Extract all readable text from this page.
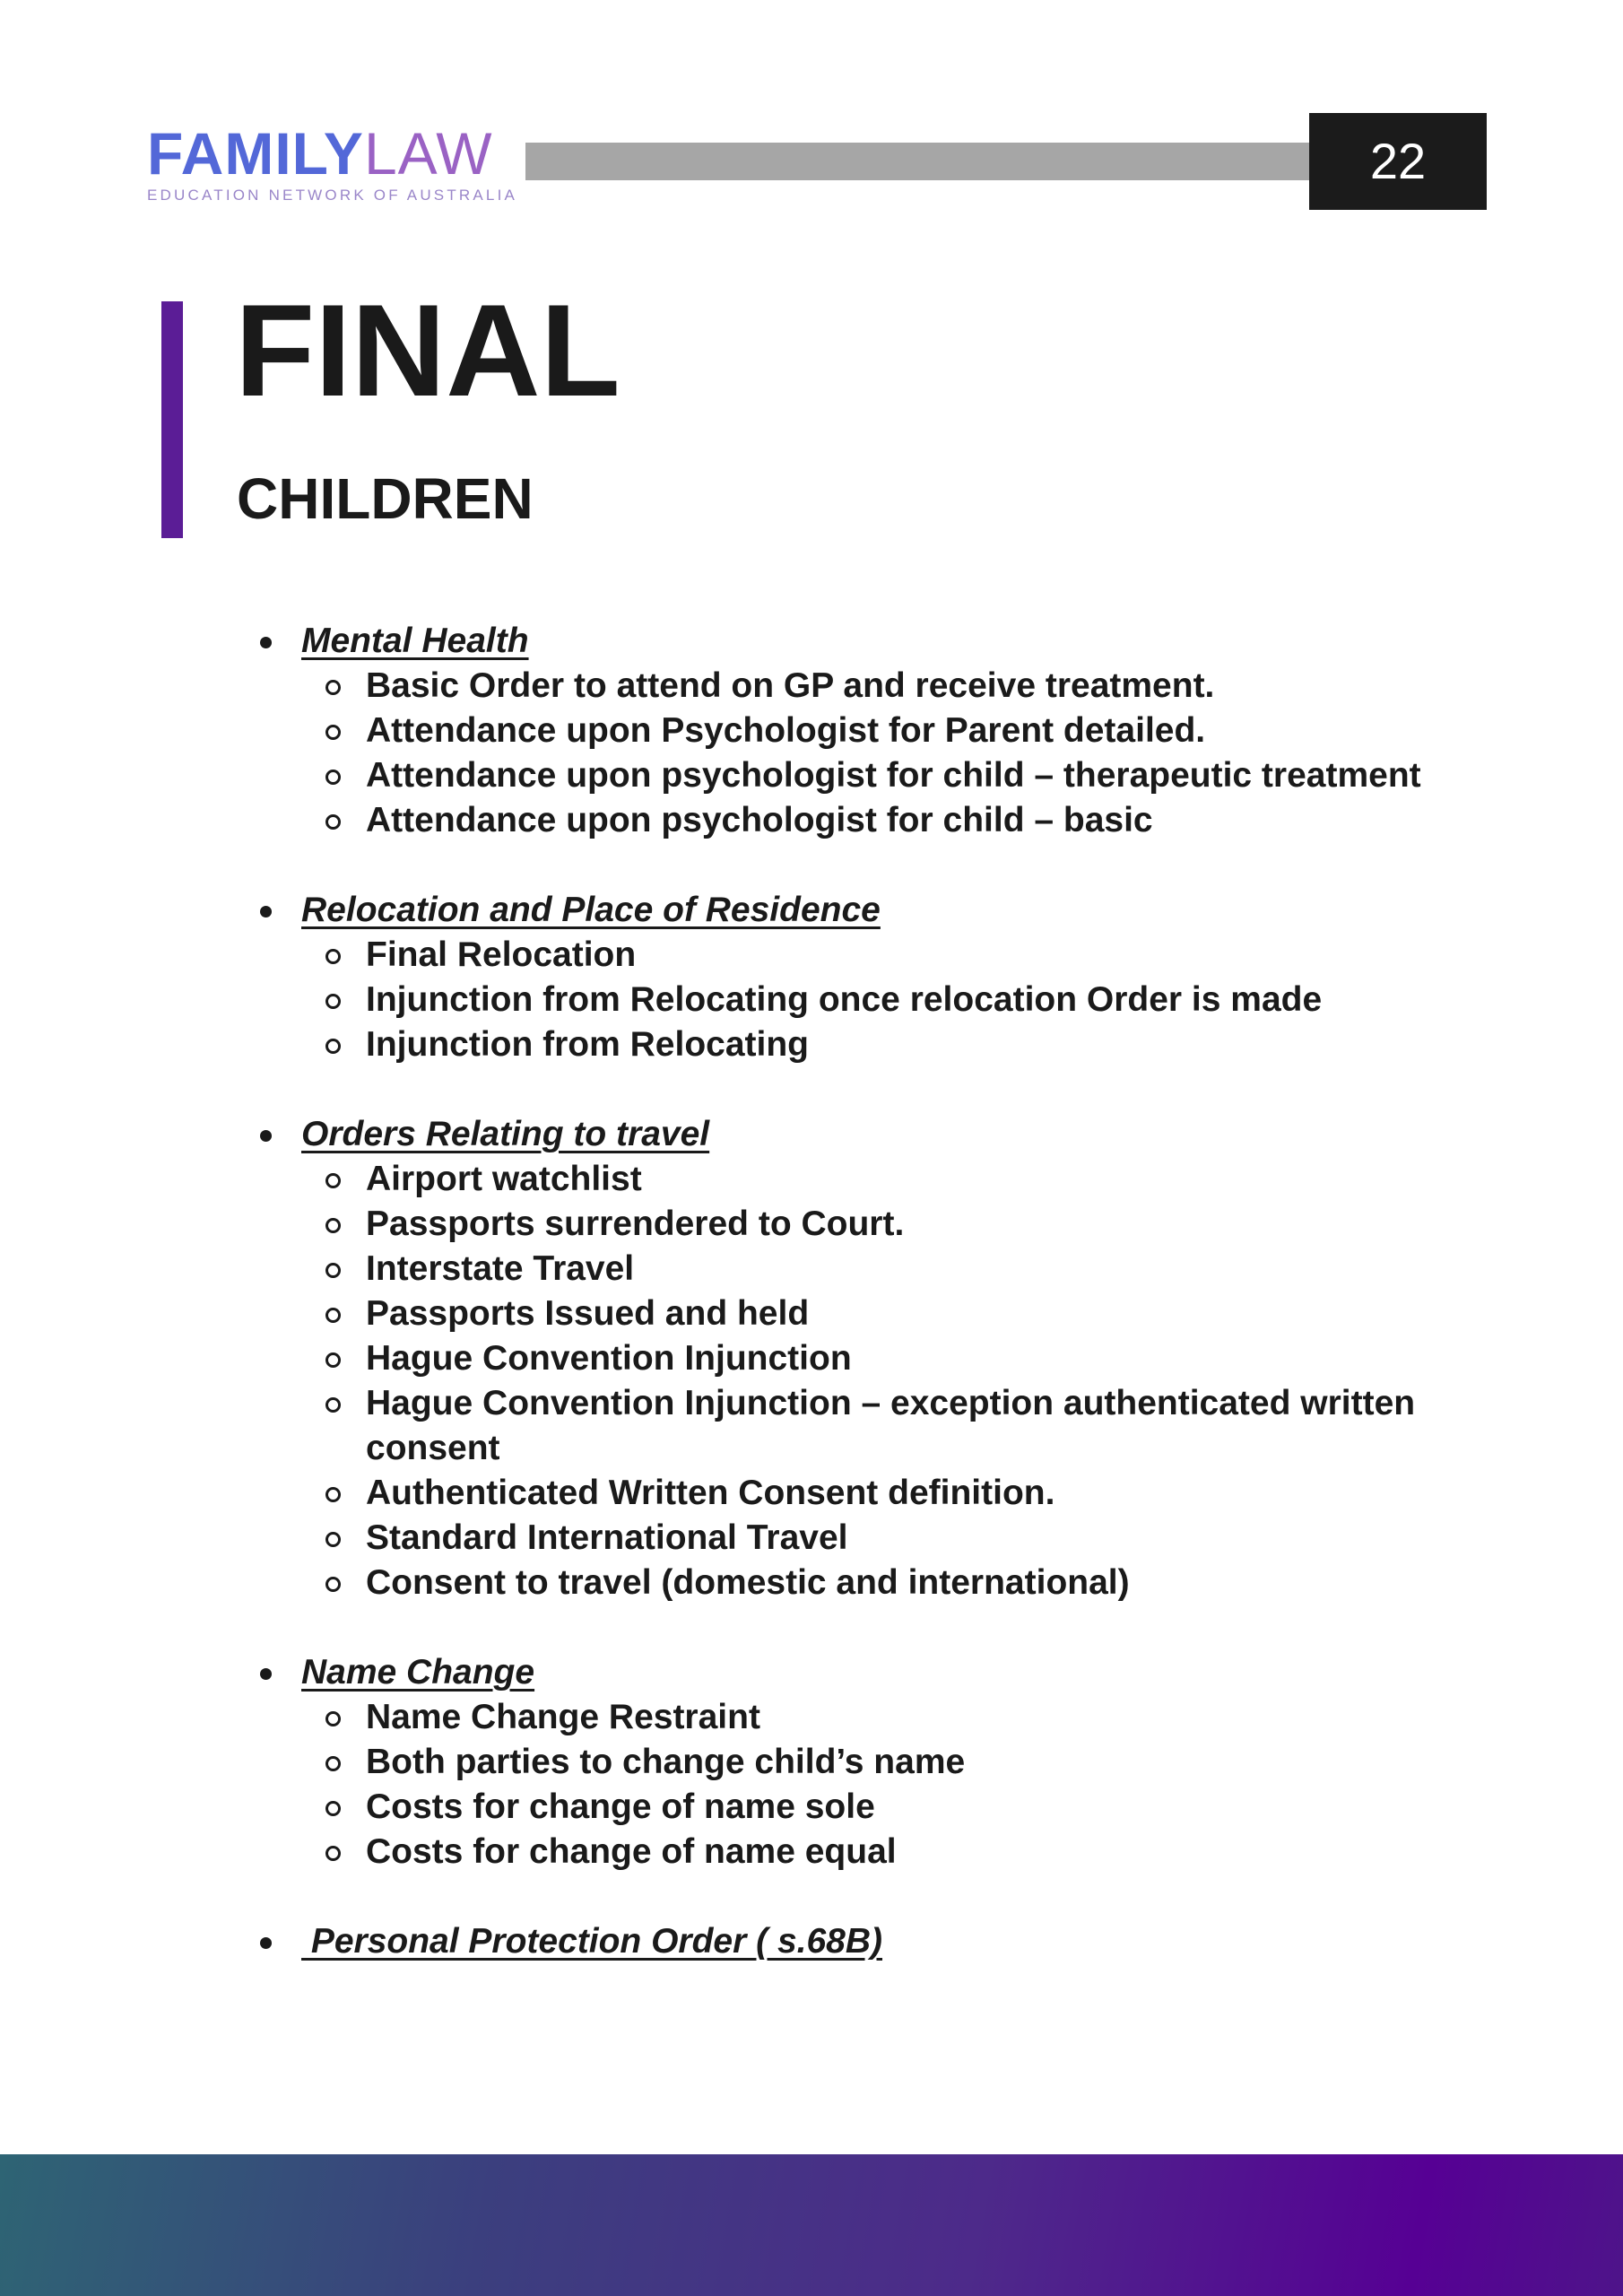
FAMILYLAW
EDUCATION NETWORK OF AUSTRALIA
22
FINAL
CHILDREN
Mental Health
Basic Order to attend on GP and receive treatment.
Attendance upon Psychologist for Parent detailed.
Attendance upon psychologist for child – therapeutic treatment
Attendance upon psychologist for child – basic
Relocation and Place of Residence
Final Relocation
Injunction from Relocating once relocation Order is made
Injunction from Relocating
Orders Relating to travel
Airport watchlist
Passports surrendered to Court.
Interstate Travel
Passports Issued and held
Hague Convention Injunction
Hague Convention Injunction – exception authenticated written consent
Authenticated Written Consent definition.
Standard International Travel
Consent to travel (domestic and international)
Name Change
Name Change Restraint
Both parties to change child’s name
Costs for change of name sole
Costs for change of name equal
Personal Protection Order ( s.68B)
